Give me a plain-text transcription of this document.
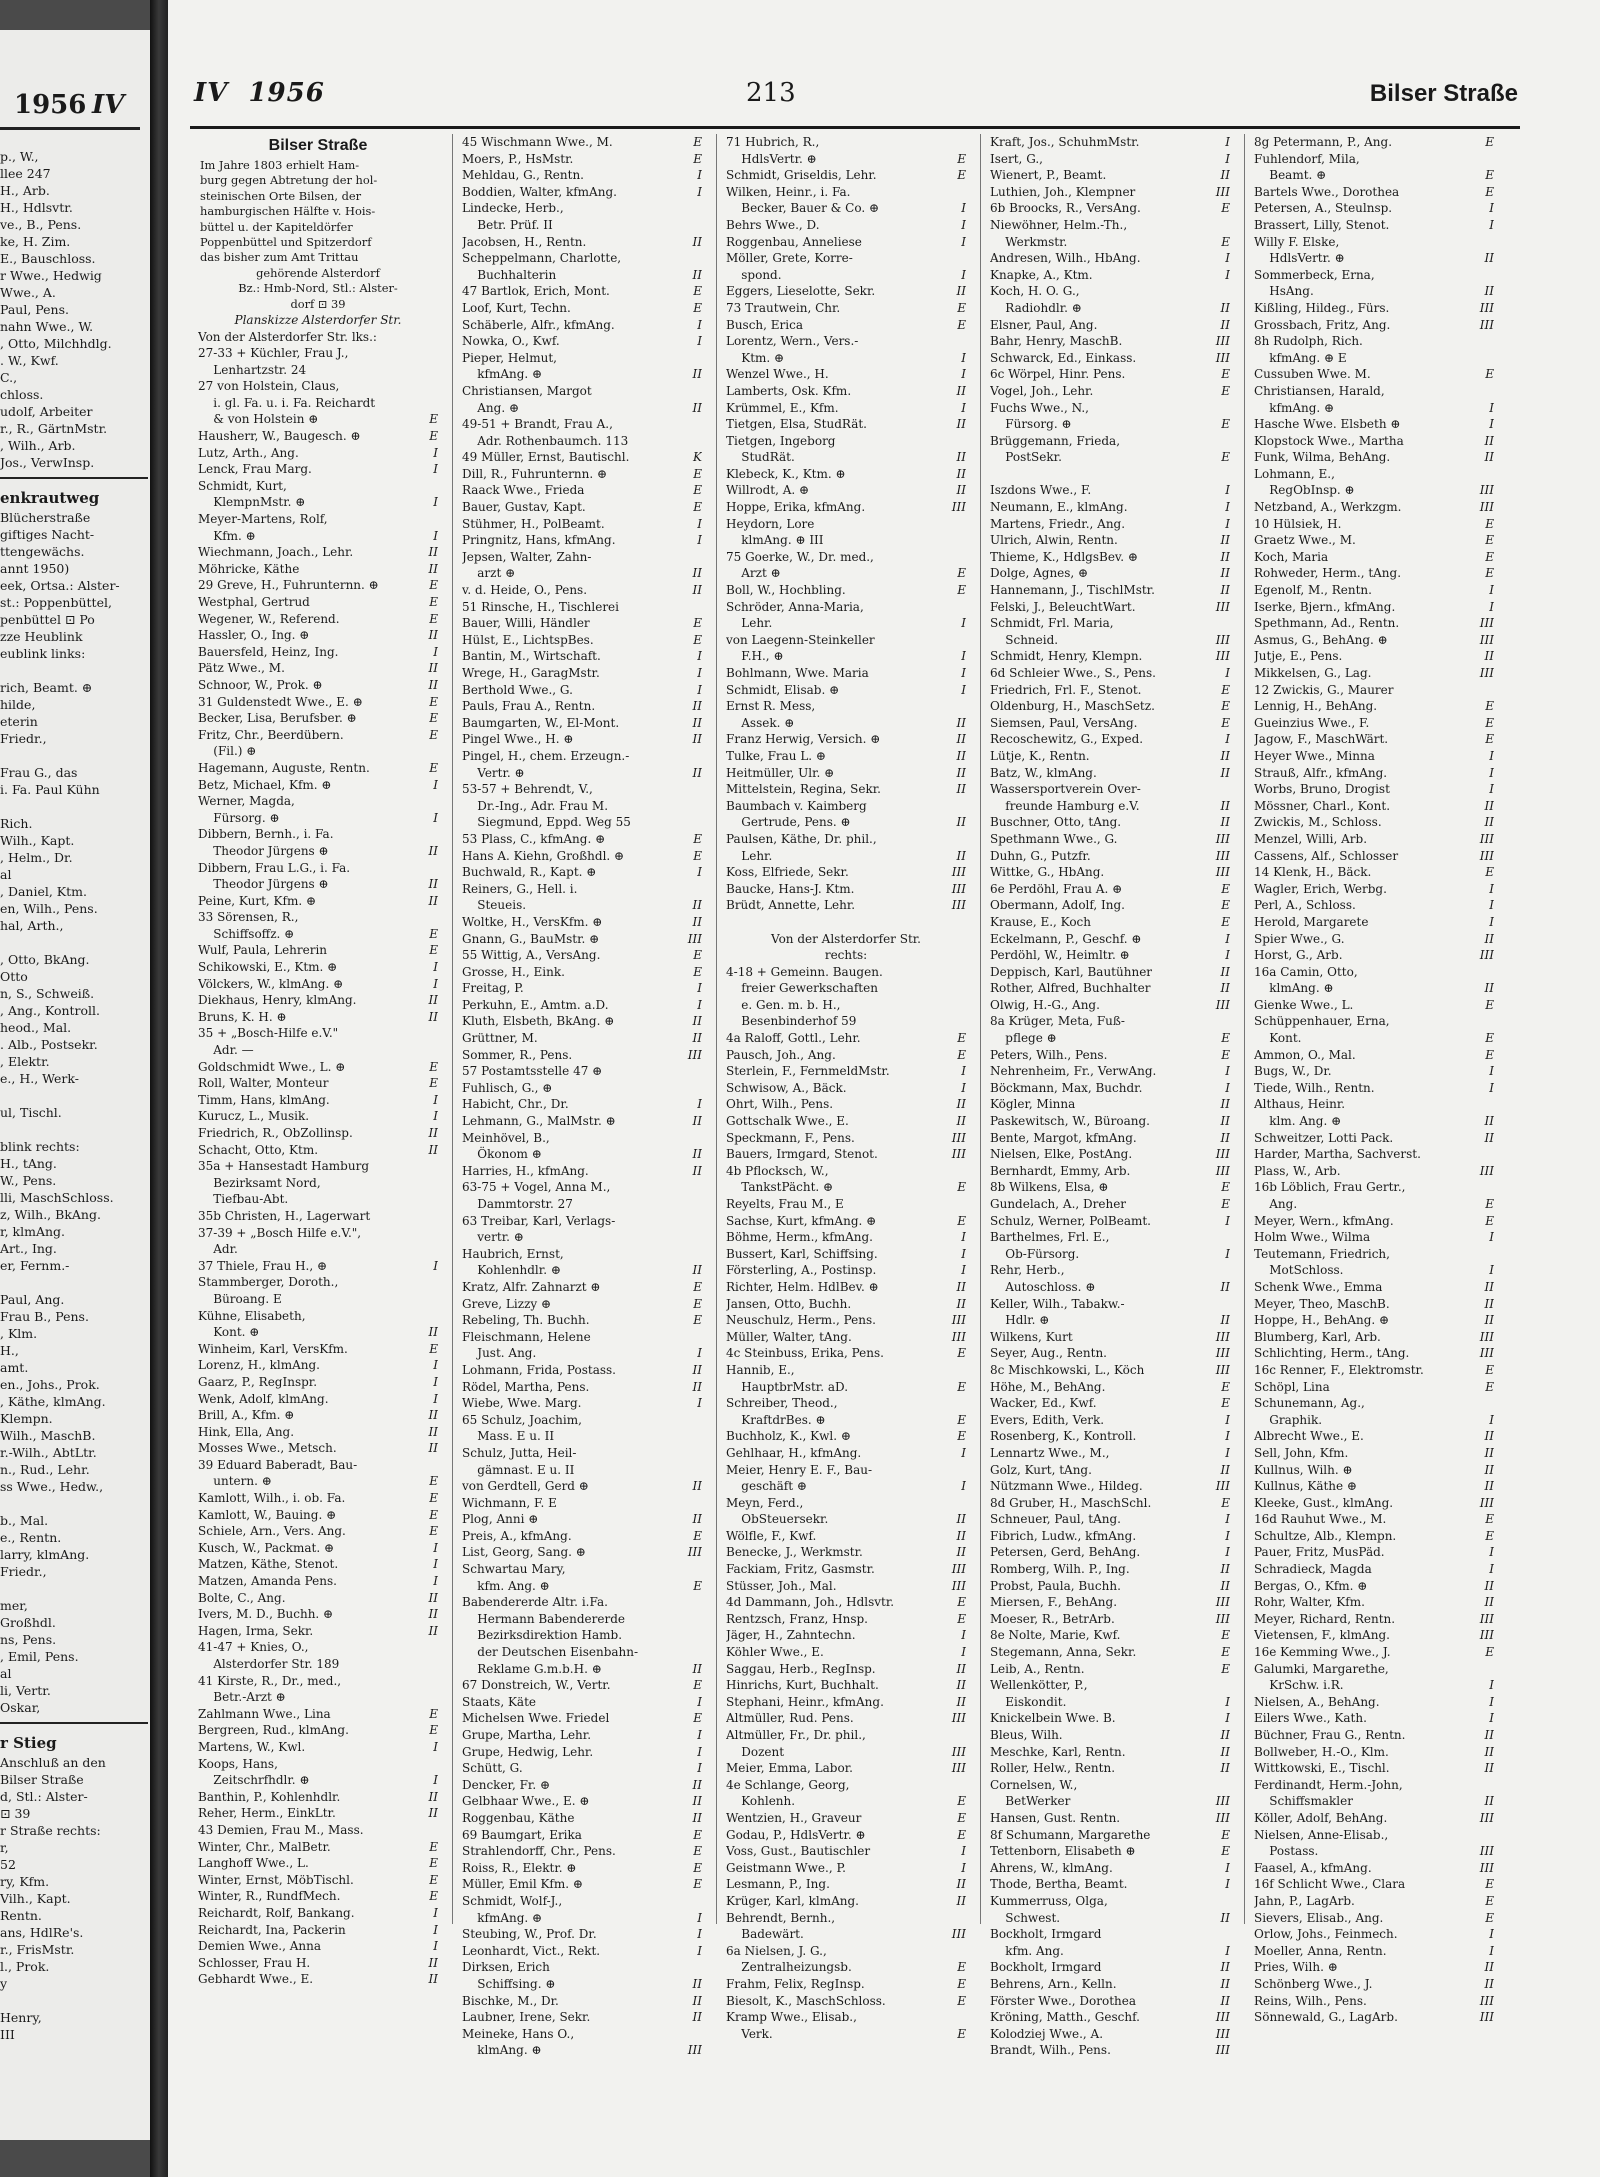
1956 IV
p., W.,
llee 247
H., Arb.
H., Hdlsvtr.
ve., B., Pens.
ke, H. Zim.
E., Bauschloss.
r Wwe., Hedwig
Wwe., A.
Paul, Pens.
nahn Wwe., W.
, Otto, Milchhdlg.
. W., Kwf.
C.,
chloss.
udolf, Arbeiter
r., R., GärtnMstr.
, Wilh., Arb.
Jos., VerwInsp.
enkrautweg
Blücherstraße
giftiges Nacht-
ttengewächs.
annt 1950)
eek, Ortsa.: Alster-
st.: Poppenbüttel,
penbüttel ⊡ Po
zze Heublink
eublink links:
rich, Beamt. ⊕
hilde,
eterin
Friedr.,
Frau G., das
i. Fa. Paul Kühn
Rich.
Wilh., Kapt.
, Helm., Dr.
al
, Daniel, Ktm.
en, Wilh., Pens.
hal, Arth.,
, Otto, BkAng.
Otto
n, S., Schweiß.
, Ang., Kontroll.
heod., Mal.
. Alb., Postsekr.
, Elektr.
e., H., Werk-
ul, Tischl.
blink rechts:
H., tAng.
W., Pens.
lli, MaschSchloss.
z, Wilh., BkAng.
r, klmAng.
Art., Ing.
er, Fernm.-
Paul, Ang.
Frau B., Pens.
, Klm.
H.,
amt.
en., Johs., Prok.
, Käthe, klmAng.
Klempn.
Wilh., MaschB.
r.-Wilh., AbtLtr.
n., Rud., Lehr.
ss Wwe., Hedw.,
b., Mal.
e., Rentn.
larry, klmAng.
Friedr.,
mer,
Großhdl.
ns, Pens.
, Emil, Pens.
al
li, Vertr.
Oskar,
r Stieg
Anschluß an den
Bilser Straße
d, Stl.: Alster-
⊡ 39
r Straße rechts:
r,
52
ry, Kfm.
Vilh., Kapt.
Rentn.
ans, HdlRe's.
r., FrisMstr.
l., Prok.
y
Henry,
III
IV 1956	213	Bilser Straße
Bilser Straße
Im Jahre 1803 erhielt Ham-
burg gegen Abtretung der hol-
steinischen Orte Bilsen, der
hamburgischen Hälfte v. Hois-
büttel u. der Kapiteldörfer
Poppenbüttel und Spitzerdorf
das bisher zum Amt Trittau
gehörende Alsterdorf
Bz.: Hmb-Nord, Stl.: Alster-
dorf ⊡ 39
Planskizze Alsterdorfer Str.
Von der Alsterdorfer Str. lks.:
27-33 + Küchler, Frau J.,
Lenhartzstr. 24
27 von Holstein, Claus,
i. gl. Fa. u. i. Fa. Reichardt
& von Holstein ⊕	E
Hausherr, W., Baugesch. ⊕	E
Lutz, Arth., Ang.	I
Lenck, Frau Marg.	I
Schmidt, Kurt,
KlempnMstr. ⊕	I
Meyer-Martens, Rolf,
Kfm. ⊕	I
Wiechmann, Joach., Lehr.	II
Möhricke, Käthe	II
29 Greve, H., Fuhrunternn. ⊕	E
Westphal, Gertrud	E
Wegener, W., Referend.	E
Hassler, O., Ing. ⊕	II
Bauersfeld, Heinz, Ing.	I
Pätz Wwe., M.	II
Schnoor, W., Prok. ⊕	II
31 Guldenstedt Wwe., E. ⊕	E
Becker, Lisa, Berufsber. ⊕	E
Fritz, Chr., Beerdübern.	E
(Fil.) ⊕
Hagemann, Auguste, Rentn.	E
Betz, Michael, Kfm. ⊕	I
Werner, Magda,
Fürsorg. ⊕	I
Dibbern, Bernh., i. Fa.
Theodor Jürgens ⊕	II
Dibbern, Frau L.G., i. Fa.
Theodor Jürgens ⊕	II
Peine, Kurt, Kfm. ⊕	II
33 Sörensen, R.,
Schiffsoffz. ⊕	E
Wulf, Paula, Lehrerin	E
Schikowski, E., Ktm. ⊕	I
Völckers, W., klmAng. ⊕	I
Diekhaus, Henry, klmAng.	II
Bruns, K. H. ⊕	II
35 + „Bosch-Hilfe e.V."
Adr. —
Goldschmidt Wwe., L. ⊕	E
Roll, Walter, Monteur	E
Timm, Hans, klmAng.	I
Kurucz, L., Musik.	I
Friedrich, R., ObZollinsp.	II
Schacht, Otto, Ktm.	II
35a + Hansestadt Hamburg
Bezirksamt Nord,
Tiefbau-Abt.
35b Christen, H., Lagerwart
37-39 + „Bosch Hilfe e.V.",
Adr.
37 Thiele, Frau H., ⊕	I
Stammberger, Doroth.,
Büroang. E
Kühne, Elisabeth,
Kont. ⊕	II
Winheim, Karl, VersKfm.	E
Lorenz, H., klmAng.	I
Gaarz, P., RegInspr.	I
Wenk, Adolf, klmAng.	I
Brill, A., Kfm. ⊕	II
Hink, Ella, Ang.	II
Mosses Wwe., Metsch.	II
39 Eduard Baberadt, Bau-
untern. ⊕	E
Kamlott, Wilh., i. ob. Fa.	E
Kamlott, W., Bauing. ⊕	E
Schiele, Arn., Vers. Ang.	E
Kusch, W., Packmat. ⊕	I
Matzen, Käthe, Stenot.	I
Matzen, Amanda Pens.	I
Bolte, C., Ang.	II
Ivers, M. D., Buchh. ⊕	II
Hagen, Irma, Sekr.	II
41-47 + Knies, O.,
Alsterdorfer Str. 189
41 Kirste, R., Dr., med.,
Betr.-Arzt ⊕
Zahlmann Wwe., Lina	E
Bergreen, Rud., klmAng.	E
Martens, W., Kwl.	I
Koops, Hans,
Zeitschrfhdlr. ⊕	I
Banthin, P., Kohlenhdlr.	II
Reher, Herm., EinkLtr.	II
43 Demien, Frau M., Mass.
Winter, Chr., MalBetr.	E
Langhoff Wwe., L.	E
Winter, Ernst, MöbTischl.	E
Winter, R., RundfMech.	E
Reichardt, Rolf, Bankang.	I
Reichardt, Ina, Packerin	I
Demien Wwe., Anna	I
Schlosser, Frau H.	II
Gebhardt Wwe., E.	II
45 Wischmann Wwe., M.	E
Moers, P., HsMstr.	E
Mehldau, G., Rentn.	I
Boddien, Walter, kfmAng.	I
Lindecke, Herb.,
Betr. Prüf. II
Jacobsen, H., Rentn.	II
Scheppelmann, Charlotte,
Buchhalterin	II
47 Bartlok, Erich, Mont.	E
Loof, Kurt, Techn.	E
Schäberle, Alfr., kfmAng.	I
Nowka, O., Kwf.	I
Pieper, Helmut,
kfmAng. ⊕	II
Christiansen, Margot
Ang. ⊕	II
49-51 + Brandt, Frau A.,
Adr. Rothenbaumch. 113
49 Müller, Ernst, Bautischl.	K
Dill, R., Fuhrunternn. ⊕	E
Raack Wwe., Frieda	E
Bauer, Gustav, Kapt.	E
Stühmer, H., PolBeamt.	I
Pringnitz, Hans, kfmAng.	I
Jepsen, Walter, Zahn-
arzt ⊕	II
v. d. Heide, O., Pens.	II
51 Rinsche, H., Tischlerei
Bauer, Willi, Händler	E
Hülst, E., LichtspBes.	E
Bantin, M., Wirtschaft.	I
Wrege, H., GaragMstr.	I
Berthold Wwe., G.	I
Pauls, Frau A., Rentn.	II
Baumgarten, W., El-Mont.	II
Pingel Wwe., H. ⊕	II
Pingel, H., chem. Erzeugn.-
Vertr. ⊕	II
53-57 + Behrendt, V.,
Dr.-Ing., Adr. Frau M.
Siegmund, Eppd. Weg 55
53 Plass, C., kfmAng. ⊕	E
Hans A. Kiehn, Großhdl. ⊕	E
Buchwald, R., Kapt. ⊕	I
Reiners, G., Hell. i.
Steueis.	II
Woltke, H., VersKfm. ⊕	II
Gnann, G., BauMstr. ⊕	III
55 Wittig, A., VersAng.	E
Grosse, H., Eink.	E
Freitag, P.	I
Perkuhn, E., Amtm. a.D.	I
Kluth, Elsbeth, BkAng. ⊕	II
Grüttner, M.	II
Sommer, R., Pens.	III
57 Postamtsstelle 47 ⊕
Fuhlisch, G., ⊕
Habicht, Chr., Dr.	I
Lehmann, G., MalMstr. ⊕	II
Meinhövel, B.,
Ökonom ⊕	II
Harries, H., kfmAng.	II
63-75 + Vogel, Anna M.,
Dammtorstr. 27
63 Treibar, Karl, Verlags-
vertr. ⊕
Haubrich, Ernst,
Kohlenhdlr. ⊕	II
Kratz, Alfr. Zahnarzt ⊕	E
Greve, Lizzy ⊕	E
Rebeling, Th. Buchh.	E
Fleischmann, Helene
Just. Ang.	I
Lohmann, Frida, Postass.	II
Rödel, Martha, Pens.	II
Wiebe, Wwe. Marg.	I
65 Schulz, Joachim,
Mass. E u. II
Schulz, Jutta, Heil-
gämnast. E u. II
von Gerdtell, Gerd ⊕	II
Wichmann, F. E
Plog, Anni ⊕	II
Preis, A., kfmAng.	E
List, Georg, Sang. ⊕	III
Schwartau Mary,
kfm. Ang. ⊕	E
Babendererde Altr. i.Fa.
Hermann Babendererde
Bezirksdirektion Hamb.
der Deutschen Eisenbahn-
Reklame G.m.b.H. ⊕	II
67 Donstreich, W., Vertr.	E
Staats, Käte	I
Michelsen Wwe. Friedel	E
Grupe, Martha, Lehr.	I
Grupe, Hedwig, Lehr.	I
Schütt, G.	I
Dencker, Fr. ⊕	II
Gelbhaar Wwe., E. ⊕	II
Roggenbau, Käthe	II
69 Baumgart, Erika	E
Strahlendorff, Chr., Pens.	E
Roiss, R., Elektr. ⊕	E
Müller, Emil Kfm. ⊕	E
Schmidt, Wolf-J.,
kfmAng. ⊕	I
Steubing, W., Prof. Dr.	I
Leonhardt, Vict., Rekt.	I
Dirksen, Erich
Schiffsing. ⊕	II
Bischke, M., Dr.	II
Laubner, Irene, Sekr.	II
Meineke, Hans O.,
klmAng. ⊕	III
71 Hubrich, R.,
HdlsVertr. ⊕	E
Schmidt, Griseldis, Lehr.	E
Wilken, Heinr., i. Fa.
Becker, Bauer & Co. ⊕	I
Behrs Wwe., D.	I
Roggenbau, Anneliese	I
Möller, Grete, Korre-
spond.	I
Eggers, Lieselotte, Sekr.	II
73 Trautwein, Chr.	E
Busch, Erica	E
Lorentz, Wern., Vers.-
Ktm. ⊕	I
Wenzel Wwe., H.	I
Lamberts, Osk. Kfm.	II
Krümmel, E., Kfm.	I
Tietgen, Elsa, StudRät.	II
Tietgen, Ingeborg
StudRät.	II
Klebeck, K., Ktm. ⊕	II
Willrodt, A. ⊕	II
Hoppe, Erika, kfmAng.	III
Heydorn, Lore
klmAng. ⊕ III
75 Goerke, W., Dr. med.,
Arzt ⊕	E
Boll, W., Hochbling.	E
Schröder, Anna-Maria,
Lehr.	I
von Laegenn-Steinkeller
F.H., ⊕	I
Bohlmann, Wwe. Maria	I
Schmidt, Elisab. ⊕	I
Ernst R. Mess,
Assek. ⊕	II
Franz Herwig, Versich. ⊕	II
Tulke, Frau L. ⊕	II
Heitmüller, Ulr. ⊕	II
Mittelstein, Regina, Sekr.	II
Baumbach v. Kaimberg
Gertrude, Pens. ⊕	II
Paulsen, Käthe, Dr. phil.,
Lehr.	II
Koss, Elfriede, Sekr.	III
Baucke, Hans-J. Ktm.	III
Brüdt, Annette, Lehr.	III
Von der Alsterdorfer Str.
rechts:
4-18 + Gemeinn. Baugen.
freier Gewerkschaften
e. Gen. m. b. H.,
Besenbinderhof 59
4a Raloff, Gottl., Lehr.	E
Pausch, Joh., Ang.	E
Sterlein, F., FernmeldMstr.	I
Schwisow, A., Bäck.	I
Ohrt, Wilh., Pens.	II
Gottschalk Wwe., E.	II
Speckmann, F., Pens.	III
Bauers, Irmgard, Stenot.	III
4b Pflocksch, W.,
TankstPächt. ⊕	E
Reyelts, Frau M., E
Sachse, Kurt, kfmAng. ⊕	E
Böhme, Herm., kfmAng.	I
Bussert, Karl, Schiffsing.	I
Försterling, A., Postinsp.	I
Richter, Helm. HdlBev. ⊕	II
Jansen, Otto, Buchh.	II
Neuschulz, Herm., Pens.	III
Müller, Walter, tAng.	III
4c Steinbuss, Erika, Pens.	E
Hannib, E.,
HauptbrMstr. aD.	E
Schreiber, Theod.,
KraftdrBes. ⊕	E
Buchholz, K., Kwl. ⊕	E
Gehlhaar, H., kfmAng.	I
Meier, Henry E. F., Bau-
geschäft ⊕	I
Meyn, Ferd.,
ObSteuersekr.	II
Wölfle, F., Kwf.	II
Benecke, J., Werkmstr.	II
Fackiam, Fritz, Gasmstr.	III
Stüsser, Joh., Mal.	III
4d Dammann, Joh., Hdlsvtr.	E
Rentzsch, Franz, Hnsp.	E
Jäger, H., Zahntechn.	I
Köhler Wwe., E.	I
Saggau, Herb., RegInsp.	II
Hinrichs, Kurt, Buchhalt.	II
Stephani, Heinr., kfmAng.	II
Altmüller, Rud. Pens.	III
Altmüller, Fr., Dr. phil.,
Dozent	III
Meier, Emma, Labor.	III
4e Schlange, Georg,
Kohlenh.	E
Wentzien, H., Graveur	E
Godau, P., HdlsVertr. ⊕	E
Voss, Gust., Bautischler	I
Geistmann Wwe., P.	I
Lesmann, P., Ing.	II
Krüger, Karl, klmAng.	II
Behrendt, Bernh.,
Badewärt.	III
6a Nielsen, J. G.,
Zentralheizungsb.	E
Frahm, Felix, RegInsp.	E
Biesolt, K., MaschSchloss.	E
Kramp Wwe., Elisab.,
Verk.	E
Kraft, Jos., SchuhmMstr.	I
Isert, G.,	I
Wienert, P., Beamt.	II
Luthien, Joh., Klempner	III
6b Broocks, R., VersAng.	E
Niewöhner, Helm.-Th.,
Werkmstr.	E
Andresen, Wilh., HbAng.	I
Knapke, A., Ktm.	I
Koch, H. O. G.,
Radiohdlr. ⊕	II
Elsner, Paul, Ang.	II
Bahr, Henry, MaschB.	III
Schwarck, Ed., Einkass.	III
6c Wörpel, Hinr. Pens.	E
Vogel, Joh., Lehr.	E
Fuchs Wwe., N.,
Fürsorg. ⊕	E
Brüggemann, Frieda,
PostSekr.	E
Iszdons Wwe., F.	I
Neumann, E., klmAng.	I
Martens, Friedr., Ang.	I
Ulrich, Alwin, Rentn.	II
Thieme, K., HdlgsBev. ⊕	II
Dolge, Agnes, ⊕	II
Hannemann, J., TischlMstr.	II
Felski, J., BeleuchtWart.	III
Schmidt, Frl. Maria,
Schneid.	III
Schmidt, Henry, Klempn.	III
6d Schleier Wwe., S., Pens.	I
Friedrich, Frl. F., Stenot.	E
Oldenburg, H., MaschSetz.	E
Siemsen, Paul, VersAng.	E
Recoschewitz, G., Exped.	I
Lütje, K., Rentn.	II
Batz, W., klmAng.	II
Wassersportverein Over-
freunde Hamburg e.V.	II
Buschner, Otto, tAng.	II
Spethmann Wwe., G.	III
Duhn, G., Putzfr.	III
Wittke, G., HbAng.	III
6e Perdöhl, Frau A. ⊕	E
Obermann, Adolf, Ing.	E
Krause, E., Koch	E
Eckelmann, P., Geschf. ⊕	I
Perdöhl, W., Heimltr. ⊕	I
Deppisch, Karl, Bautühner	II
Rother, Alfred, Buchhalter	II
Olwig, H.-G., Ang.	III
8a Krüger, Meta, Fuß-
pflege ⊕	E
Peters, Wilh., Pens.	E
Nehrenheim, Fr., VerwAng.	I
Böckmann, Max, Buchdr.	I
Kögler, Minna	II
Paskewitsch, W., Büroang.	II
Bente, Margot, kfmAng.	II
Nielsen, Elke, PostAng.	III
Bernhardt, Emmy, Arb.	III
8b Wilkens, Elsa, ⊕	E
Gundelach, A., Dreher	E
Schulz, Werner, PolBeamt.	I
Barthelmes, Frl. E.,
Ob-Fürsorg.	I
Rehr, Herb.,
Autoschloss. ⊕	II
Keller, Wilh., Tabakw.-
Hdlr. ⊕	II
Wilkens, Kurt	III
Seyer, Aug., Rentn.	III
8c Mischkowski, L., Köch	III
Höhe, M., BehAng.	E
Wacker, Ed., Kwf.	E
Evers, Edith, Verk.	I
Rosenberg, K., Kontroll.	I
Lennartz Wwe., M.,	I
Golz, Kurt, tAng.	II
Nützmann Wwe., Hildeg.	III
8d Gruber, H., MaschSchl.	E
Schneuer, Paul, tAng.	I
Fibrich, Ludw., kfmAng.	I
Petersen, Gerd, BehAng.	I
Romberg, Wilh. P., Ing.	II
Probst, Paula, Buchh.	II
Miersen, F., BehAng.	III
Moeser, R., BetrArb.	III
8e Nolte, Marie, Kwf.	E
Stegemann, Anna, Sekr.	E
Leib, A., Rentn.	E
Wellenkötter, P.,
Eiskondit.	I
Knickelbein Wwe. B.	I
Bleus, Wilh.	II
Meschke, Karl, Rentn.	II
Roller, Helw., Rentn.	II
Cornelsen, W.,
BetWerker	III
Hansen, Gust. Rentn.	III
8f Schumann, Margarethe	E
Tettenborn, Elisabeth ⊕	E
Ahrens, W., klmAng.	I
Thode, Bertha, Beamt.	I
Kummerruss, Olga,
Schwest.	II
Bockholt, Irmgard
kfm. Ang.	I
Bockholt, Irmgard	II
Behrens, Arn., Kelln.	II
Förster Wwe., Dorothea	II
Kröning, Matth., Geschf.	III
Kolodziej Wwe., A.	III
Brandt, Wilh., Pens.	III
8g Petermann, P., Ang.	E
Fuhlendorf, Mila,
Beamt. ⊕	E
Bartels Wwe., Dorothea	E
Petersen, A., Steulnsp.	I
Brassert, Lilly, Stenot.	I
Willy F. Elske,
HdlsVertr. ⊕	II
Sommerbeck, Erna,
HsAng.	II
Kißling, Hildeg., Fürs.	III
Grossbach, Fritz, Ang.	III
8h Rudolph, Rich.
kfmAng. ⊕ E
Cussuben Wwe. M.	E
Christiansen, Harald,
kfmAng. ⊕	I
Hasche Wwe. Elsbeth ⊕	I
Klopstock Wwe., Martha	II
Funk, Wilma, BehAng.	II
Lohmann, E.,
RegObInsp. ⊕	III
Netzband, A., Werkzgm.	III
10 Hülsiek, H.	E
Graetz Wwe., M.	E
Koch, Maria	E
Rohweder, Herm., tAng.	E
Egenolf, M., Rentn.	I
Iserke, Bjern., kfmAng.	I
Spethmann, Ad., Rentn.	III
Asmus, G., BehAng. ⊕	III
Jutje, E., Pens.	II
Mikkelsen, G., Lag.	III
12 Zwickis, G., Maurer
Lennig, H., BehAng.	E
Gueinzius Wwe., F.	E
Jagow, F., MaschWärt.	E
Heyer Wwe., Minna	I
Strauß, Alfr., kfmAng.	I
Worbs, Bruno, Drogist	I
Mössner, Charl., Kont.	II
Zwickis, M., Schloss.	II
Menzel, Willi, Arb.	III
Cassens, Alf., Schlosser	III
14 Klenk, H., Bäck.	E
Wagler, Erich, Werbg.	I
Perl, A., Schloss.	I
Herold, Margarete	I
Spier Wwe., G.	II
Horst, G., Arb.	III
16a Camin, Otto,
klmAng. ⊕	II
Gienke Wwe., L.	E
Schüppenhauer, Erna,
Kont.	E
Ammon, O., Mal.	E
Bugs, W., Dr.	I
Tiede, Wilh., Rentn.	I
Althaus, Heinr.
klm. Ang. ⊕	II
Schweitzer, Lotti Pack.	II
Harder, Martha, Sachverst.
Plass, W., Arb.	III
16b Löblich, Frau Gertr.,
Ang.	E
Meyer, Wern., kfmAng.	E
Holm Wwe., Wilma	I
Teutemann, Friedrich,
MotSchloss.	I
Schenk Wwe., Emma	II
Meyer, Theo, MaschB.	II
Hoppe, H., BehAng. ⊕	II
Blumberg, Karl, Arb.	III
Schlichting, Herm., tAng.	III
16c Renner, F., Elektromstr.	E
Schöpl, Lina	E
Schunemann, Ag.,
Graphik.	I
Albrecht Wwe., E.	II
Sell, John, Kfm.	II
Kullnus, Wilh. ⊕	II
Kullnus, Käthe ⊕	II
Kleeke, Gust., klmAng.	III
16d Rauhut Wwe., M.	E
Schultze, Alb., Klempn.	E
Pauer, Fritz, MusPäd.	I
Schradieck, Magda	I
Bergas, O., Kfm. ⊕	II
Rohr, Walter, Kfm.	II
Meyer, Richard, Rentn.	III
Vietensen, F., klmAng.	III
16e Kemming Wwe., J.	E
Galumki, Margarethe,
KrSchw. i.R.	I
Nielsen, A., BehAng.	I
Eilers Wwe., Kath.	I
Büchner, Frau G., Rentn.	II
Bollweber, H.-O., Klm.	II
Wittkowski, E., Tischl.	II
Ferdinandt, Herm.-John,
Schiffsmakler	II
Köller, Adolf, BehAng.	III
Nielsen, Anne-Elisab.,
Postass.	III
Faasel, A., kfmAng.	III
16f Schlicht Wwe., Clara	E
Jahn, P., LagArb.	E
Sievers, Elisab., Ang.	E
Orlow, Johs., Feinmech.	I
Moeller, Anna, Rentn.	I
Pries, Wilh. ⊕	II
Schönberg Wwe., J.	II
Reins, Wilh., Pens.	III
Sönnewald, G., LagArb.	III
